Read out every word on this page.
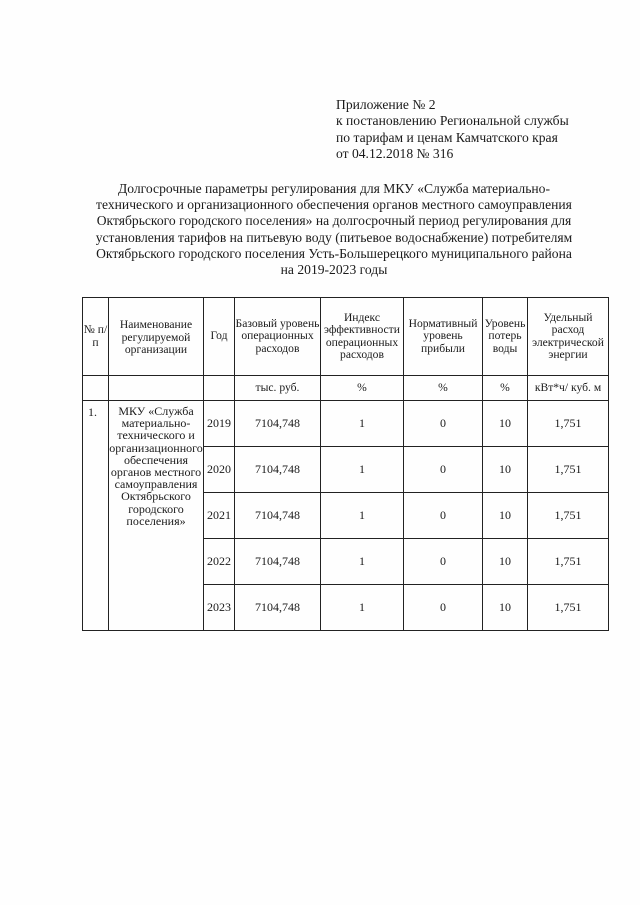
Приложение № 2
к постановлению Региональной службы
по тарифам и ценам Камчатского края
от 04.12.2018 № 316
Долгосрочные параметры регулирования для МКУ «Служба материально-
технического и организационного обеспечения органов местного самоуправления
Октябрьского городского поселения» на долгосрочный период регулирования для
установления тарифов на питьевую воду (питьевое водоснабжение) потребителям
Октябрьского городского поселения Усть-Большерецкого муниципального района
на 2019-2023 годы
№ п/п	Наименование регулируемой организации	Год	Базовый уровень операционных расходов	Индекс эффективности операционных расходов	Нормативный уровень прибыли	Уровень потерь воды	Удельный расход электрической энергии
			тыс. руб.	%	%	%	кВт*ч/ куб. м
1.	МКУ «Служба материально-технического и организационного обеспечения органов местного самоуправления Октябрьского городского поселения»	2019	7104,748	1	0	10	1,751
		2020	7104,748	1	0	10	1,751
		2021	7104,748	1	0	10	1,751
		2022	7104,748	1	0	10	1,751
		2023	7104,748	1	0	10	1,751
